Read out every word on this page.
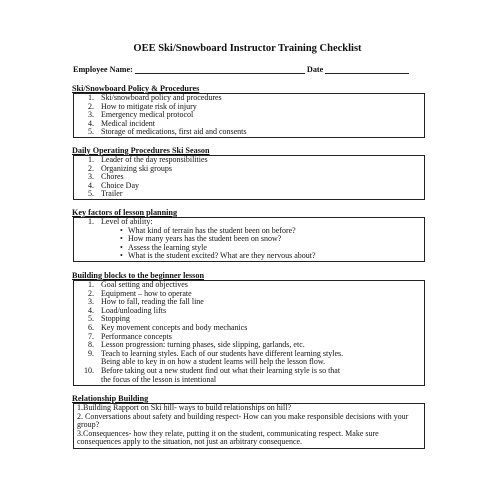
OEE Ski/Snowboard Instructor Training Checklist
Employee Name:	Date
Ski/Snowboard Policy & Procedures
1. Ski/snowboard policy and procedures
2. How to mitigate risk of injury
3. Emergency medical protocol
4. Medical incident
5. Storage of medications, first aid and consents
Daily Operating Procedures Ski Season
1. Leader of the day responsibilities
2. Organizing ski groups
3. Chores
4. Choice Day
5. Trailer
Key factors of lesson planning
1. Level of ability:
• What kind of terrain has the student been on before?
• How many years has the student been on snow?
• Assess the learning style
• What is the student excited? What are they nervous about?
Building blocks to the beginner lesson
1. Goal setting and objectives
2. Equipment – how to operate
3. How to fall, reading the fall line
4. Load/unloading lifts
5. Stopping
6. Key movement concepts and body mechanics
7. Performance concepts
8. Lesson progression: turning phases, side slipping, garlands, etc.
9. Teach to learning styles. Each of our students have different learning styles.
Being able to key in on how a student learns will help the lesson flow.
10. Before taking out a new student find out what their learning style is so that
the focus of the lesson is intentional
Relationship Building
1.Building Rapport on Ski hill- ways to build relationships on hill?
2. Conversations about safety and building respect- How can you make responsible decisions with your group?
3.Consequences- how they relate, putting it on the student, communicating respect. Make sure consequences apply to the situation, not just an arbitrary consequence.
